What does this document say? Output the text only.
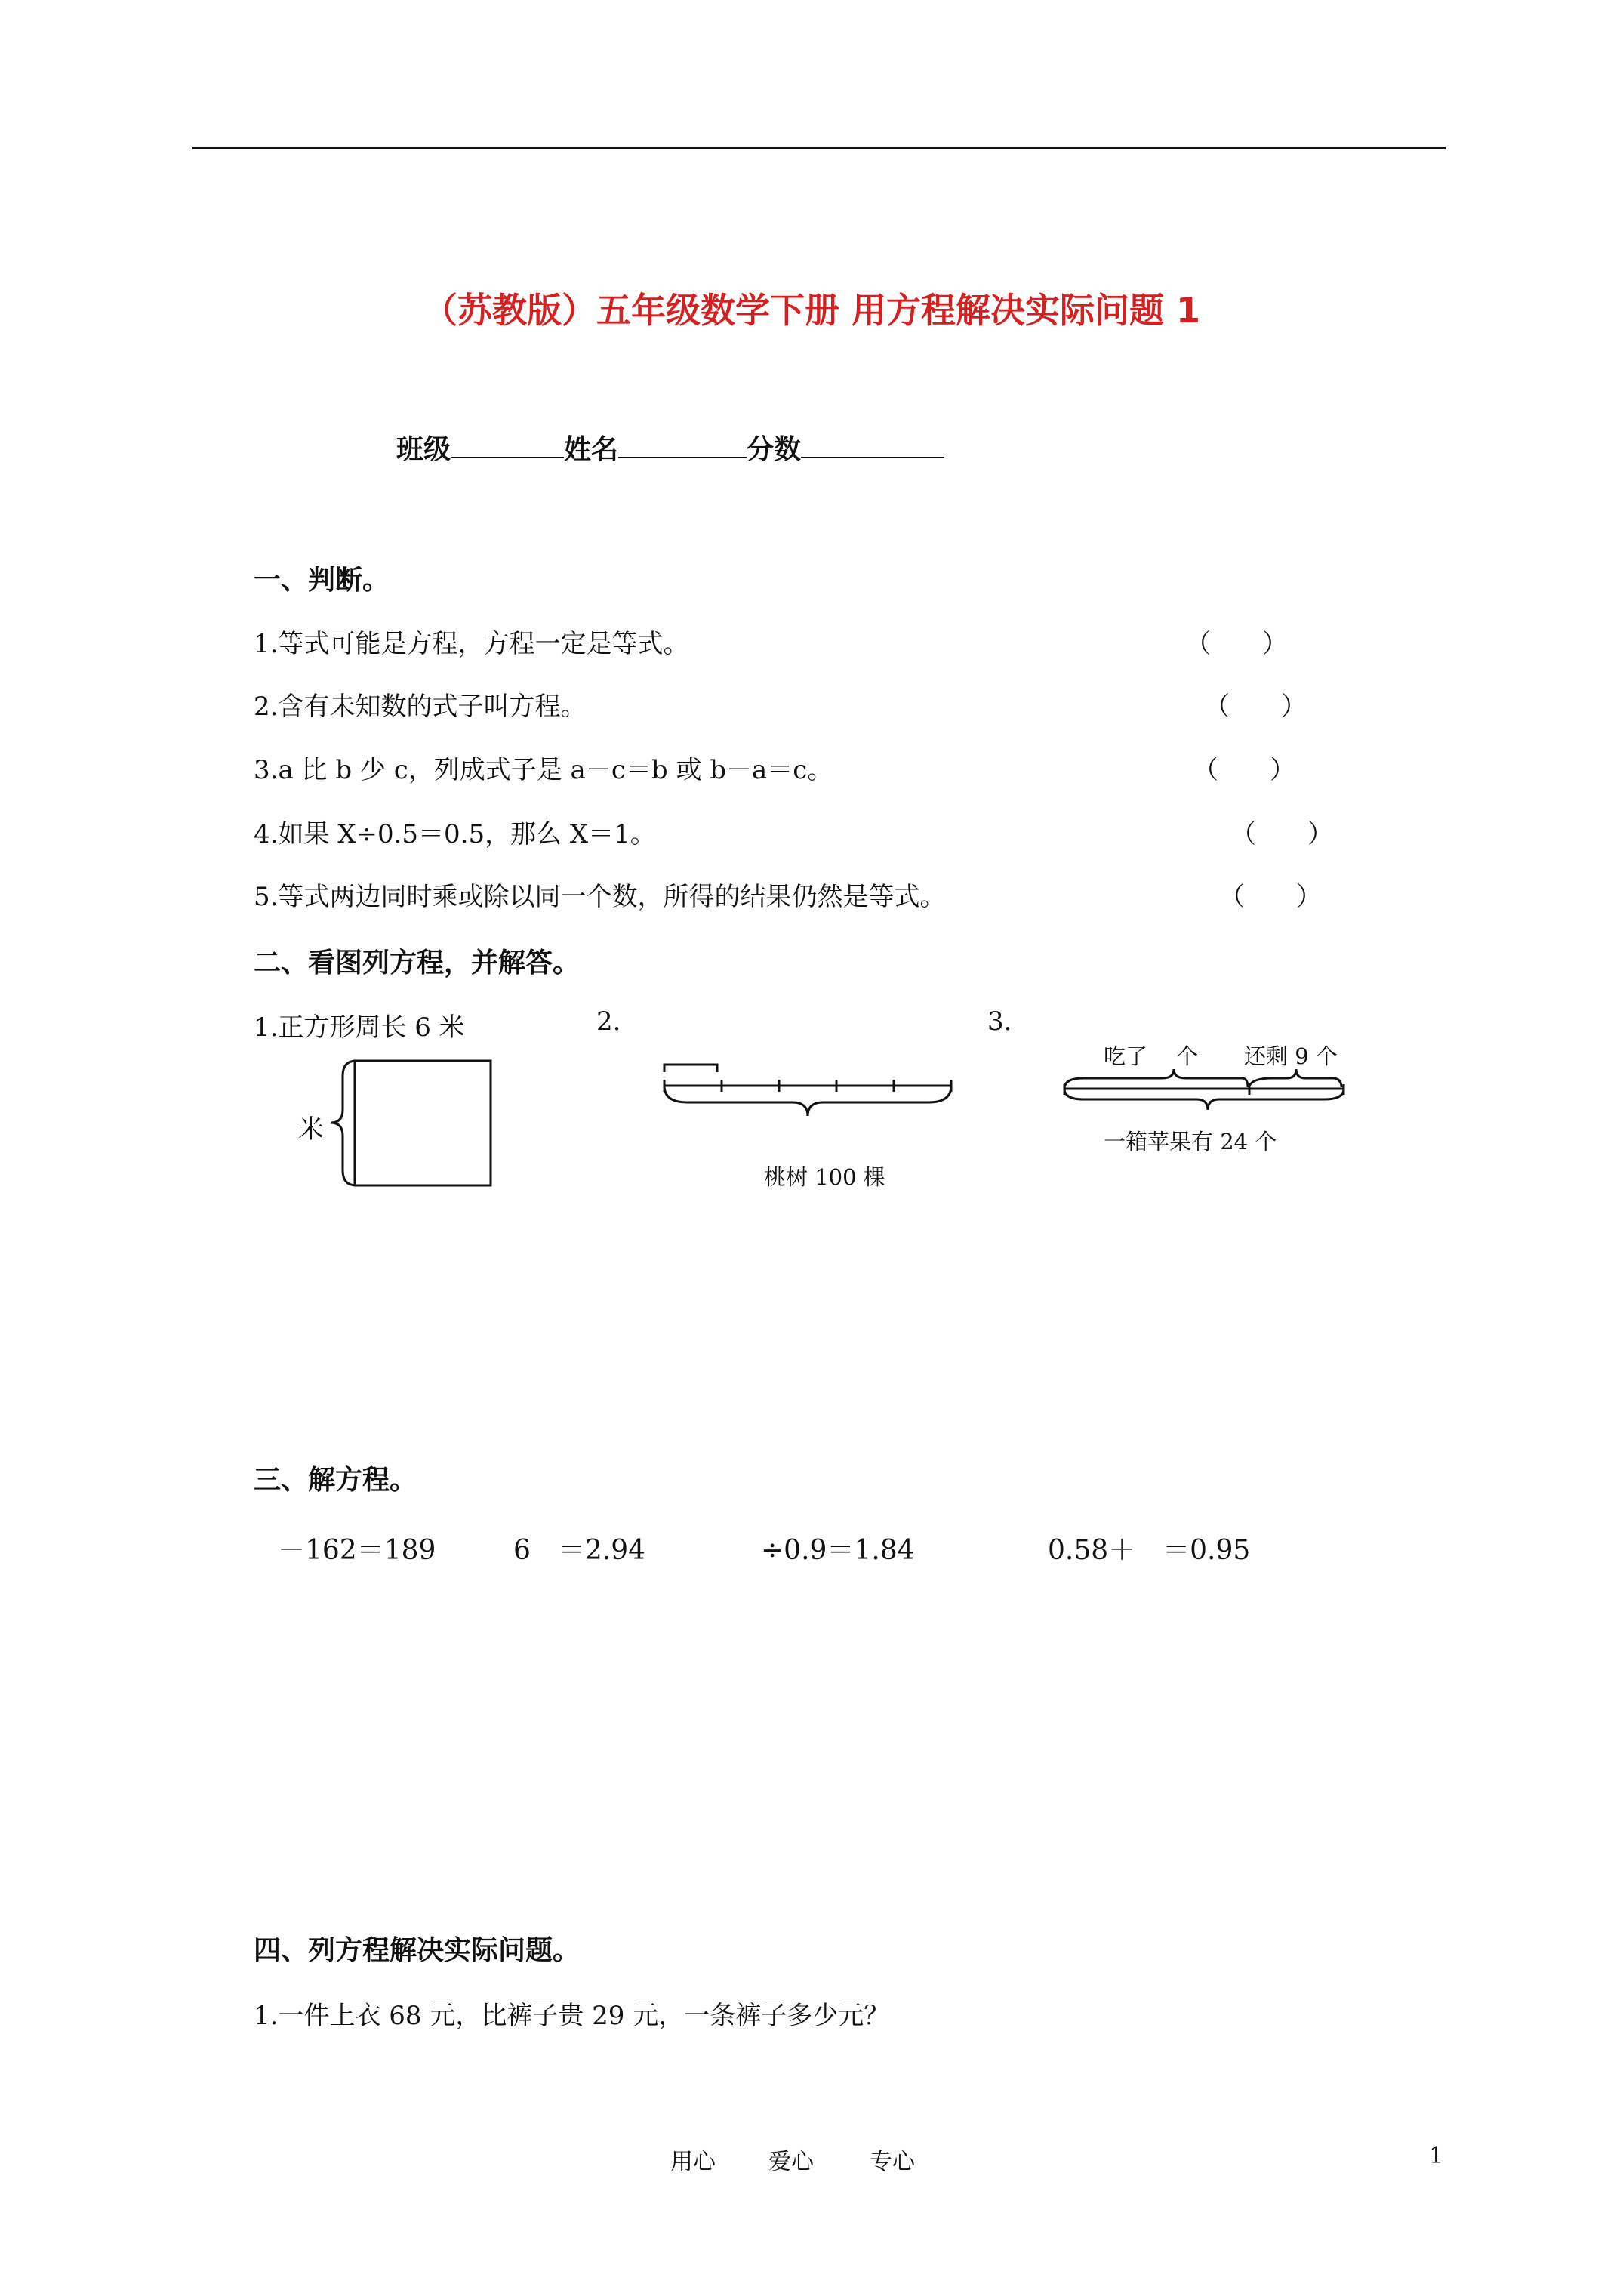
（苏教版）五年级数学下册 用方程解决实际问题 1
班级	姓名	分数
一、判断。
1.等式可能是方程，方程一定是等式。	（　　）
2.含有未知数的式子叫方程。	（　　）
3.a 比 b 少 c，列成式子是 a－c＝b 或 b－a＝c。	（　　）
4.如果 X÷0.5＝0.5，那么 X＝1。	（　　）
5.等式两边同时乘或除以同一个数，所得的结果仍然是等式。	（　　）
二、看图列方程，并解答。
1.正方形周长 6 米	2.	3.
米
桃树 100 棵
吃了　 个 还剩 9 个
一箱苹果有 24 个
三、解方程。
－162＝189	6　＝2.94	÷0.9＝1.84	0.58＋　＝0.95
四、列方程解决实际问题。
1.一件上衣 68 元，比裤子贵 29 元，一条裤子多少元？
用心 爱心 专心	1
